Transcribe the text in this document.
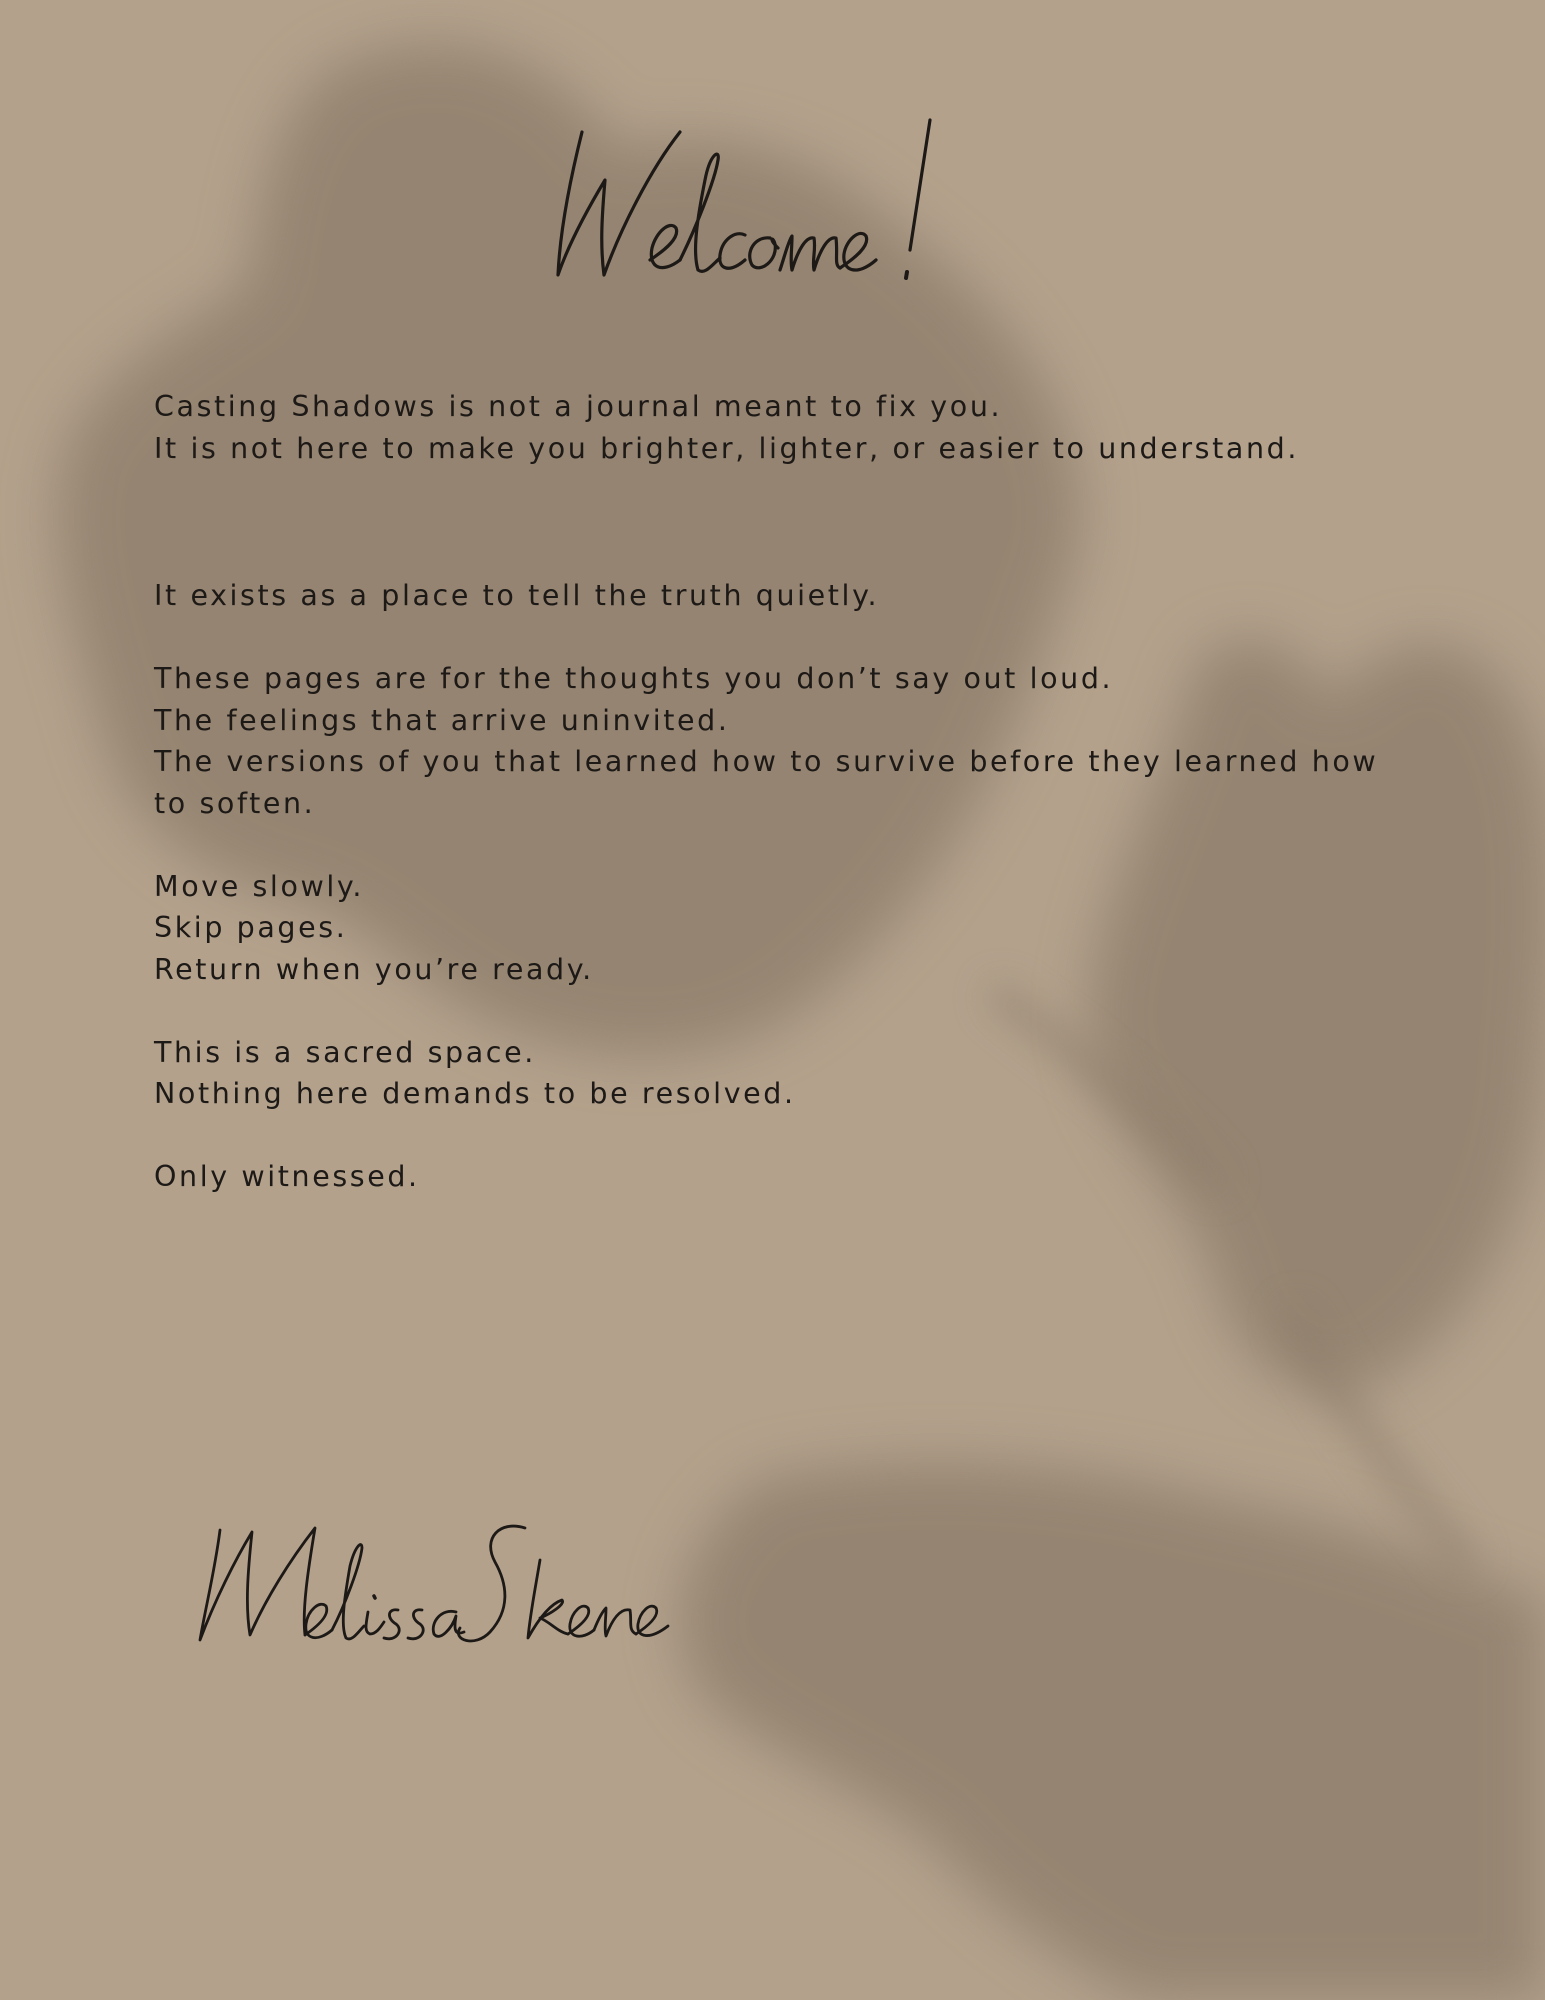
Welcome!
Casting Shadows is not a journal meant to fix you.
It is not here to make you brighter, lighter, or easier to understand.
It exists as a place to tell the truth quietly.
These pages are for the thoughts you don’t say out loud.
The feelings that arrive uninvited.
The versions of you that learned how to survive before they learned how to soften.
Move slowly.
Skip pages.
Return when you’re ready.
This is a sacred space.
Nothing here demands to be resolved.
Only witnessed.
Melissa Skene
